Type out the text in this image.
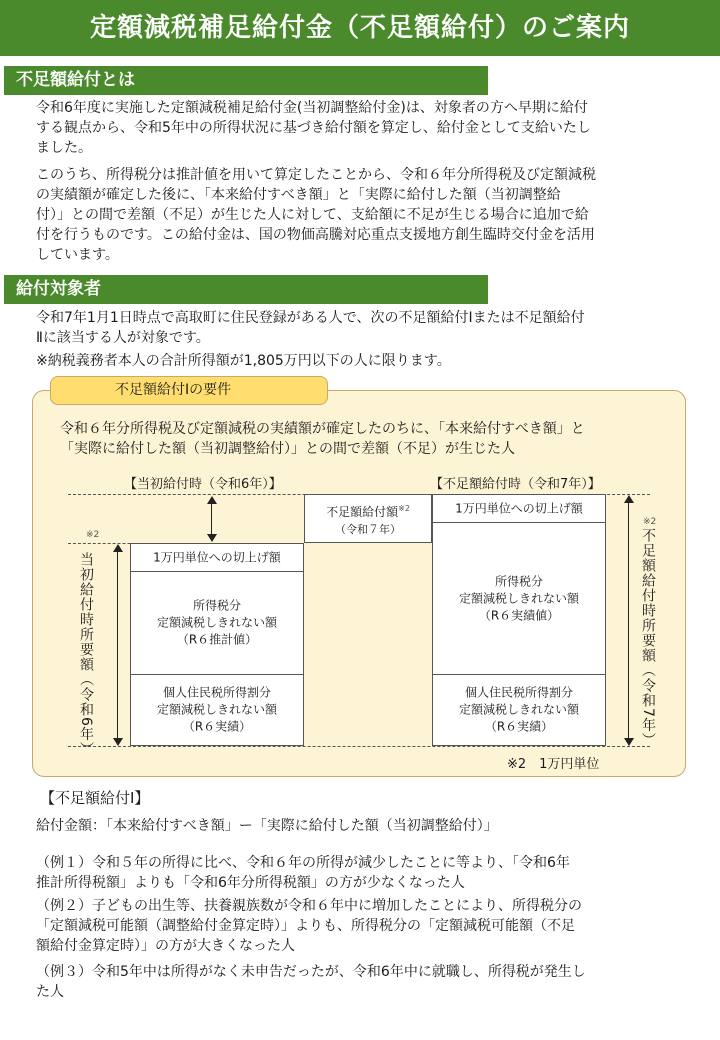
定額減税補足給付金（不足額給付）のご案内
不足額給付とは

令和6年度に実施した定額減税補足給付金(当初調整給付金)は、対象者の方へ早期に給付
する観点から、令和5年中の所得状況に基づき給付額を算定し、給付金として支給いたし
ました。

このうち、所得税分は推計値を用いて算定したことから、令和６年分所得税及び定額減税
の実績額が確定した後に、「本来給付すべき額」と「実際に給付した額（当初調整給
付）」との間で差額（不足）が生じた人に対して、支給額に不足が生じる場合に追加で給
付を行うものです。この給付金は、国の物価高騰対応重点支援地方創生臨時交付金を活用
しています。

給付対象者

令和7年1月1日時点で高取町に住民登録がある人で、次の不足額給付Ⅰまたは不足額給付
Ⅱに該当する人が対象です。

※納税義務者本人の合計所得額が1,805万円以下の人に限ります。

不足額給付Ⅰの要件

令和６年分所得税及び定額減税の実績額が確定したのちに、「本来給付すべき額」と
「実際に給付した額（当初調整給付）」との間で差額（不足）が生じた人

【当初給付時（令和6年）】	【不足額給付時（令和7年）】
※2
当初給付時所要額（令和6年）
※2
不足額給付時所要額（令和7年）
1万円単位への切上げ額
所得税分
定額減税しきれない額
（R６推計値）
個人住民税所得割分
定額減税しきれない額
（R６実績）
不足額給付額$^{※2}$
（令和７年）
1万円単位への切上げ額
所得税分
定額減税しきれない額
（R６実績値）
個人住民税所得割分
定額減税しきれない額
（R６実績）
※2　1万円単位
【不足額給付Ⅰ】
給付金額：「本来給付すべき額」ー「実際に給付した額（当初調整給付）」

（例１）令和５年の所得に比べ、令和６年の所得が減少したことに等より、「令和6年
推計所得税額」よりも「令和6年分所得税額」の方が少なくなった人

（例２）子どもの出生等、扶養親族数が令和６年中に増加したことにより、所得税分の
「定額減税可能額（調整給付金算定時）」よりも、所得税分の「定額減税可能額（不足
額給付金算定時）」の方が大きくなった人

（例３）令和5年中は所得がなく未申告だったが、令和6年中に就職し、所得税が発生し
た人
